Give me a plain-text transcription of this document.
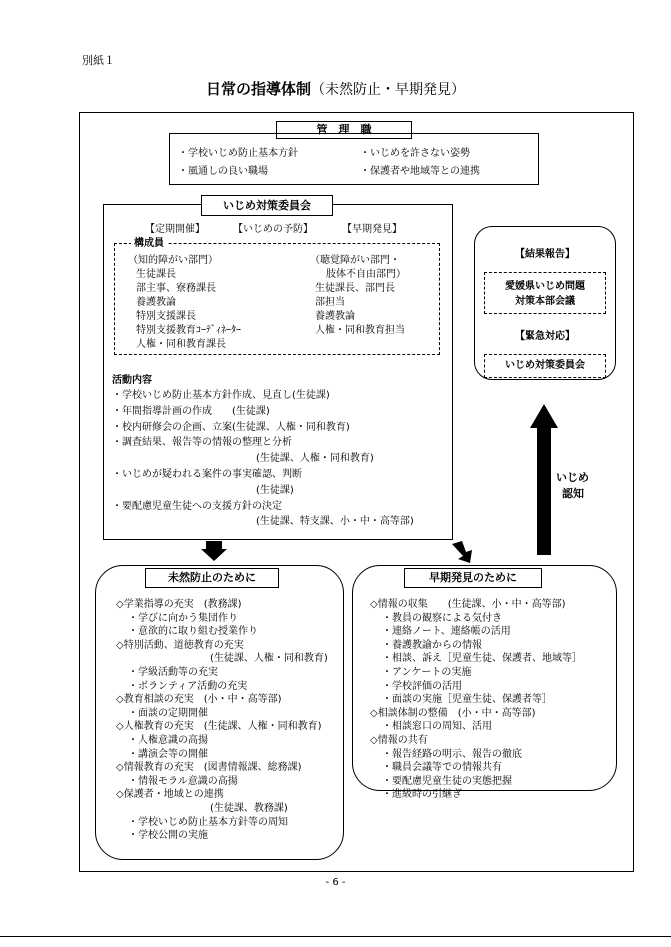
別紙１
日常の指導体制（未然防止・早期発見）
管　理　職
・学校いじめ防止基本方針	・いじめを許さない姿勢
・風通しの良い職場	・保護者や地域等との連携
いじめ対策委員会
【定期開催】	【いじめの予防】	【早期発見】
構成員
（知的障がい部門）
生徒課長
部主事、寮務課長
養護教論
特別支援課長
特別支援教育ｺｰﾃﾞｨﾈｰﾀｰ
人権・同和教育課長
（聴覚障がい部門・
肢体不自由部門）
生徒課長、部門長
部担当
養護教論
人権・同和教育担当
活動内容
・学校いじめ防止基本方針作成、見直し(生徒課)
・年間指導計画の作成　　(生徒課)
・校内研修会の企画、立案(生徒課、人権・同和教育)
・調査結果、報告等の情報の整理と分析
(生徒課、人権・同和教育)
・いじめが疑われる案件の事実確認、判断
(生徒課)
・要配慮児童生徒への支援方針の決定
(生徒課、特支課、小・中・高等部)
【結果報告】
愛媛県いじめ問題
対策本部会議
【緊急対応】
いじめ対策委員会
いじめ
認知
未然防止のために
◇学業指導の充実　(教務課)
・学びに向かう集団作り
・意欲的に取り組む授業作り
◇特別活動、道徳教育の充実
(生徒課、人権・同和教育)
・学級活動等の充実
・ボランティア活動の充実
◇教育相談の充実　(小・中・高等部)
・面談の定期開催
◇人権教育の充実　(生徒課、人権・同和教育)
・人権意識の高揚
・講演会等の開催
◇情報教育の充実　(図書情報課、総務課)
・情報モラル意識の高揚
◇保護者・地域との連携
(生徒課、教務課)
・学校いじめ防止基本方針等の周知
・学校公開の実施
早期発見のために
◇情報の収集　　(生徒課、小・中・高等部)
・教員の観察による気付き
・連絡ノート、連絡帳の活用
・養護教諭からの情報
・相談、訴え［児童生徒、保護者、地域等］
・アンケートの実施
・学校評価の活用
・面談の実施［児童生徒、保護者等］
◇相談体制の整備　(小・中・高等部)
・相談窓口の周知、活用
◇情報の共有
・報告経路の明示、報告の徹底
・職員会議等での情報共有
・要配慮児童生徒の実態把握
・進級時の引継ぎ
- 6 -
